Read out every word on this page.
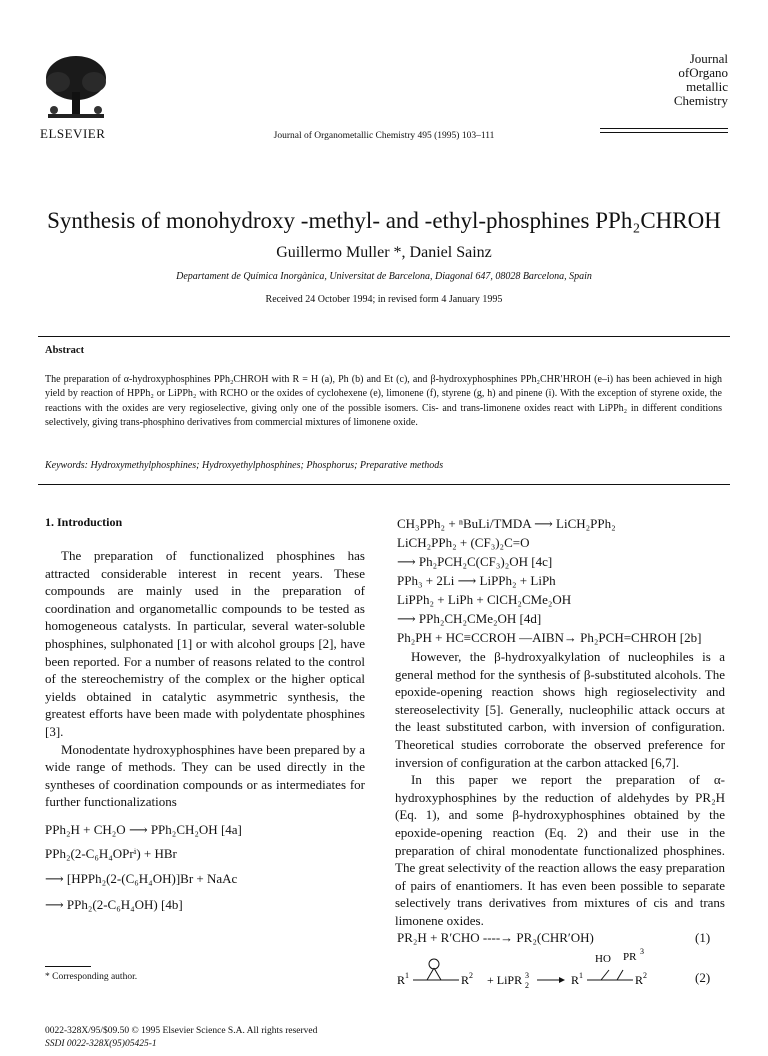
ELSEVIER	Journal of Organometallic Chemistry 495 (1995) 103–111
Journal
ofOrgano
metallic
Chemistry
Synthesis of monohydroxy -methyl- and -ethyl-phosphines PPh₂CHROH
Guillermo Muller *, Daniel Sainz
Departament de Química Inorgànica, Universitat de Barcelona, Diagonal 647, 08028 Barcelona, Spain
Received 24 October 1994; in revised form 4 January 1995
Abstract
The preparation of α-hydroxyphosphines PPh₂CHROH with R = H (a), Ph (b) and Et (c), and β-hydroxyphosphines PPh₂CHR′HROH (e–i) has been achieved in high yield by reaction of HPPh₂ or LiPPh₂ with RCHO or the oxides of cyclohexene (e), limonene (f), styrene (g, h) and pinene (i). With the exception of styrene oxide, the reactions with the oxides are very regioselective, giving only one of the possible isomers. Cis- and trans-limonene oxides react with LiPPh₂ in different conditions selectively, giving trans-phosphino derivatives from commercial mixtures of limonene oxide.
Keywords: Hydroxymethylphosphines; Hydroxyethylphosphines; Phosphorus; Preparative methods
1. Introduction

The preparation of functionalized phosphines has attracted considerable interest in recent years. These compounds are mainly used in the preparation of coordination and organometallic compounds to be tested as homogeneous catalysts. In particular, several water-soluble phosphines, sulphonated [1] or with alcohol groups [2], have been reported. For a number of reasons related to the control of the stereochemistry of the complex or the higher optical yields obtained in catalytic asymmetric synthesis, the greatest efforts have been made with polydentate phosphines [3].

Monodentate hydroxyphosphines have been prepared by a wide range of methods. They can be used directly in the syntheses of coordination compounds or as intermediates for further functionalizations

PPh₂H + CH₂O ⟶ PPh₂CH₂OH [4a]
PPh₂(2-C₆H₄OPrⁱ) + HBr
⟶ [HPPh₂(2-(C₆H₄OH)]Br + NaAc
⟶ PPh₂(2-C₆H₄OH) [4b]
CH₃PPh₂ + ⁿBuLi/TMDA ⟶ LiCH₂PPh₂
LiCH₂PPh₂ + (CF₃)₂C=O
⟶ Ph₂PCH₂C(CF₃)₂OH [4c]
PPh₃ + 2Li ⟶ LiPPh₂ + LiPh
LiPPh₂ + LiPh + ClCH₂CMe₂OH
⟶ PPh₂CH₂CMe₂OH [4d]
Ph₂PH + HC≡CCROH —AIBN→ Ph₂PCH=CHROH [2b]

However, the β-hydroxyalkylation of nucleophiles is a general method for the synthesis of β-substituted alcohols. The epoxide-opening reaction shows high regioselectivity and stereoselectivity [5]. Generally, nucleophilic attack occurs at the least substituted carbon, with inversion of configuration. Theoretical studies corroborate the observed preference for inversion of configuration at the carbon attacked [6,7].

In this paper we report the preparation of α-hydroxyphosphines by the reduction of aldehydes by PR₂H (Eq. 1), and some β-hydroxyphosphines obtained by the epoxide-opening reaction (Eq. 2) and their use in the preparation of chiral monodentate functionalized phosphines. The great selectivity of the reaction allows the easy preparation of pairs of enantiomers. It has even been possible to separate selectively trans derivatives from mixtures of cis and trans limonene oxides.

PR₂H + R′CHO ----→ PR₂(CHR′OH)	(1)
R 1	R 2 + LiPR 2
3	R 1
HO PR 3
R 2	(2)
* Corresponding author.
0022-328X/95/$09.50 © 1995 Elsevier Science S.A. All rights reserved
SSDI 0022-328X(95)05425-1
